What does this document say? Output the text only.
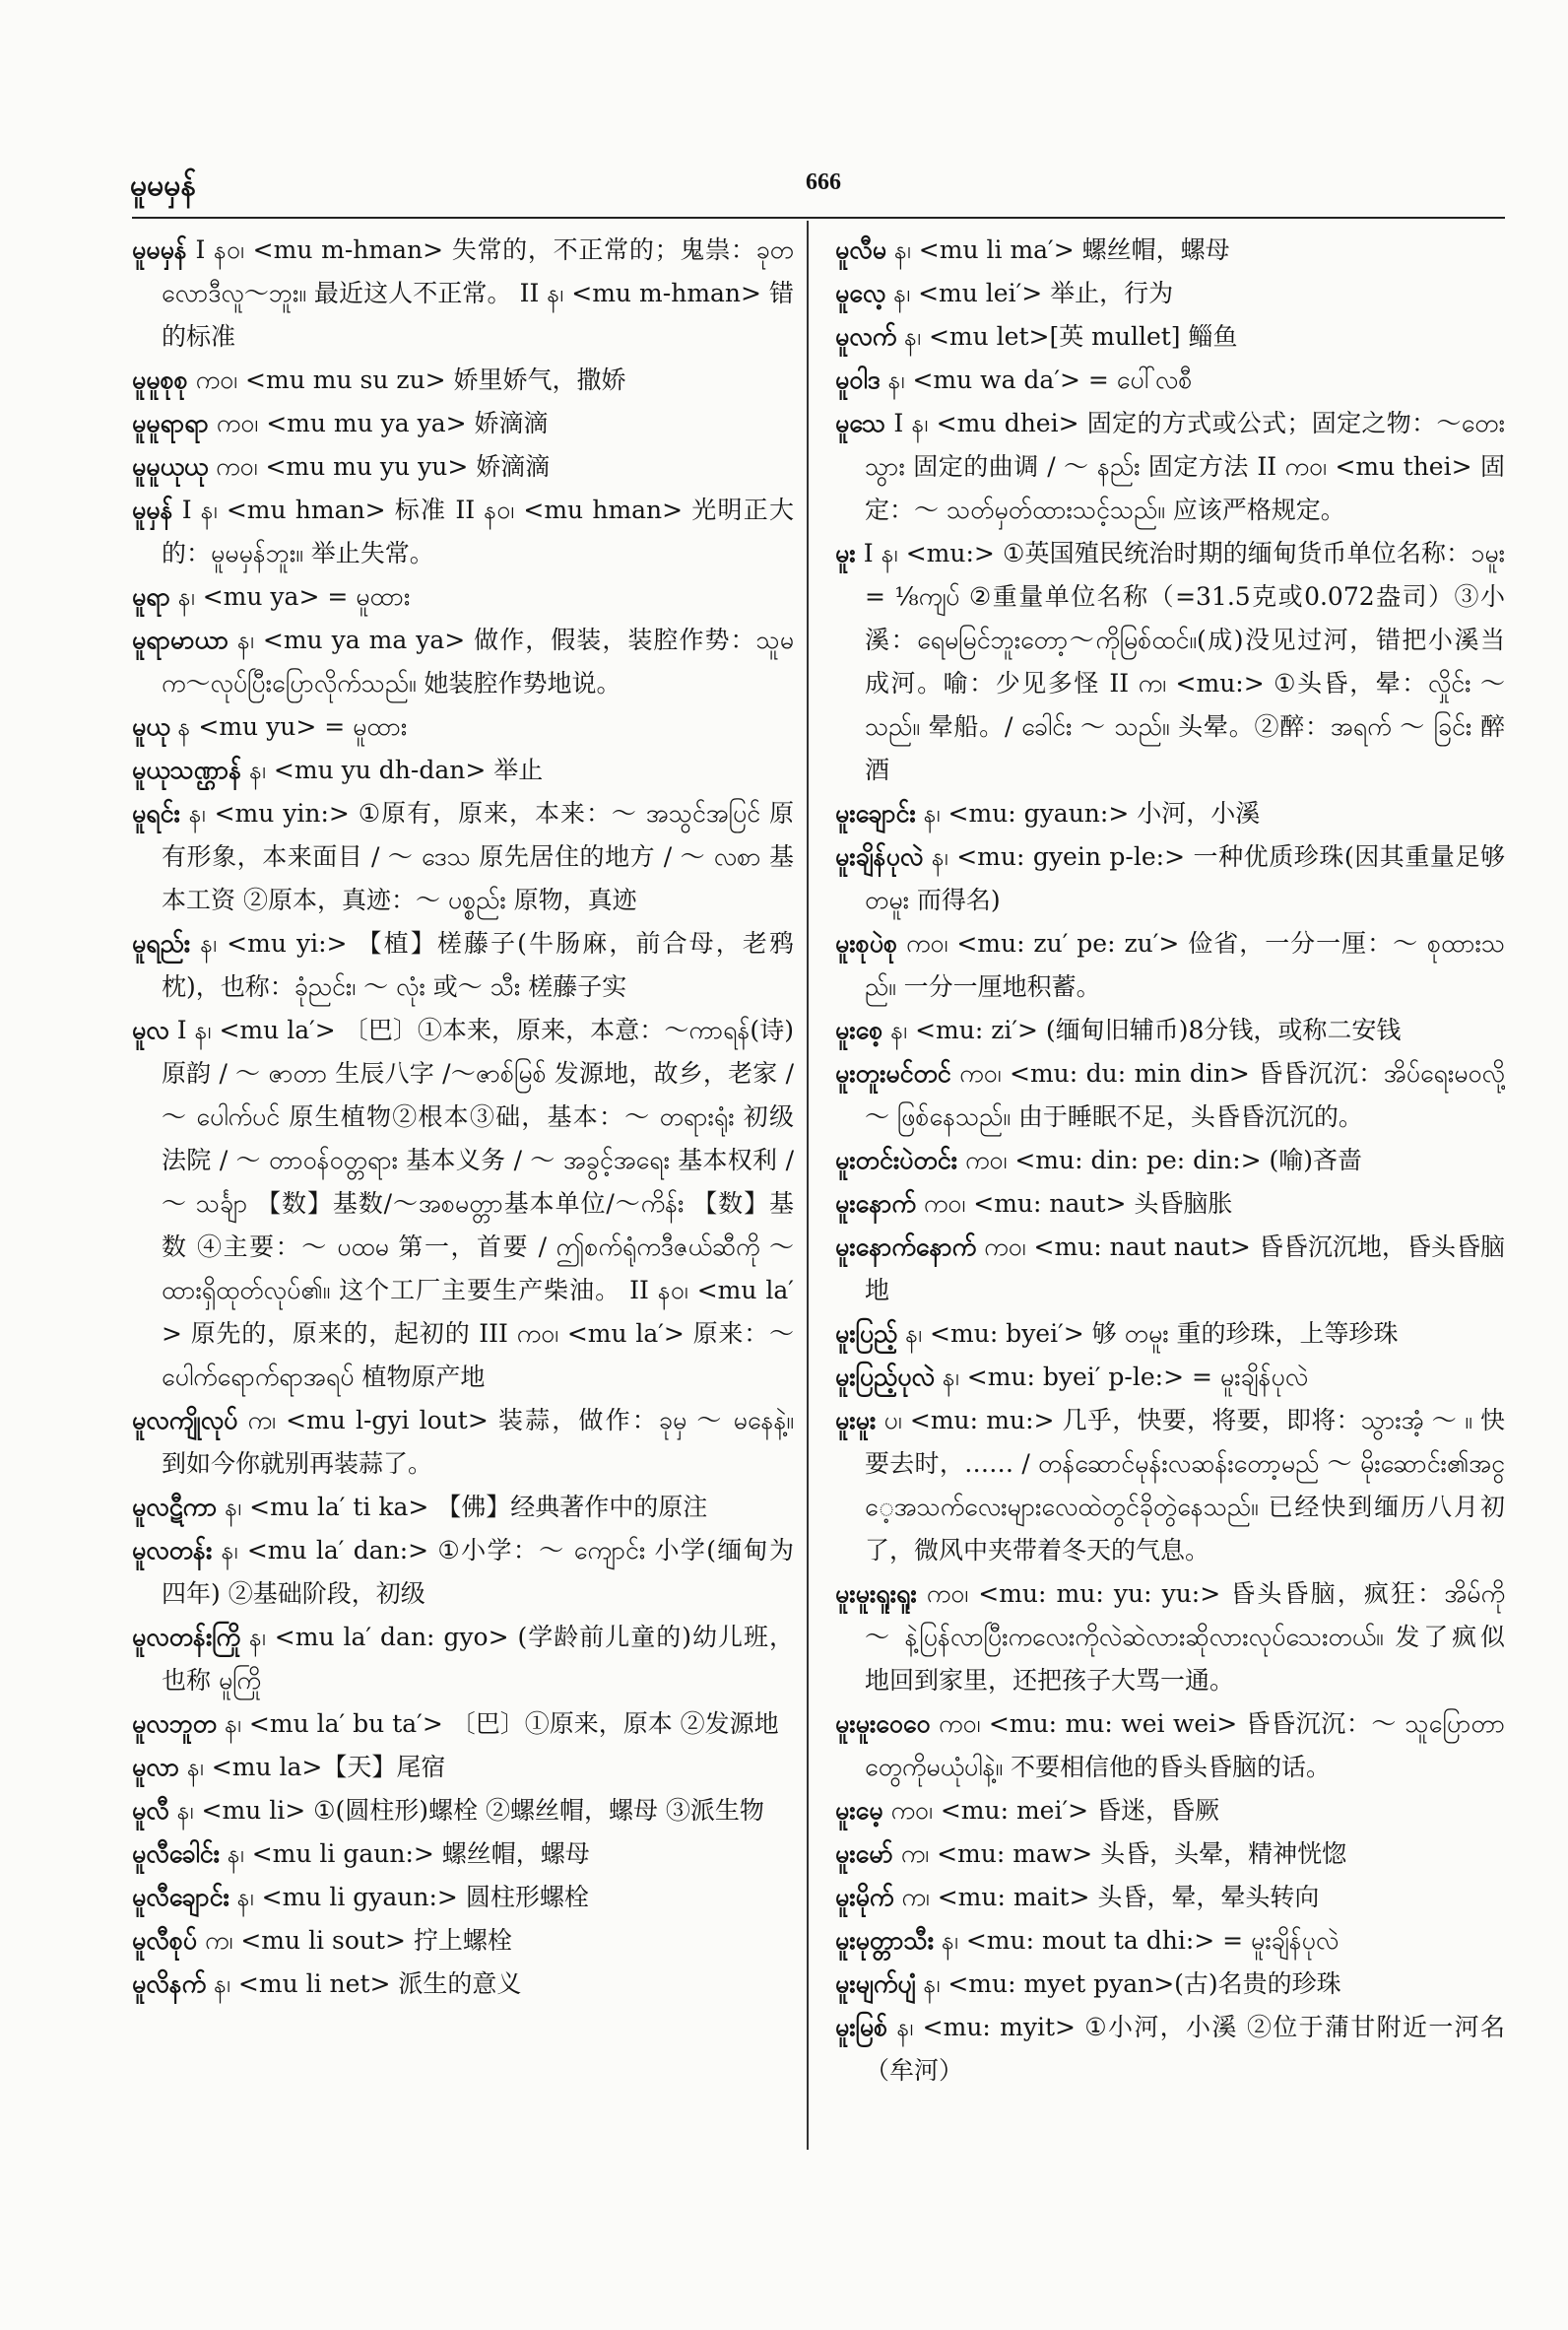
မူမမှန်	666

မူမမှန် I နဝ၊ <mu m-hman> 失常的，不正常的；鬼祟：ခုတလောဒီလူ～ဘူး။ 最近这人不正常。 II န၊ <mu m-hman> 错的标准

မူမူစုစု ကဝ၊ <mu mu su zu> 娇里娇气，撒娇

မူမူရာရာ ကဝ၊ <mu mu ya ya> 娇滴滴

မူမူယုယု ကဝ၊ <mu mu yu yu> 娇滴滴

မူမှန် I န၊ <mu hman> 标准 II နဝ၊ <mu hman> 光明正大的：မူမမှန်ဘူး။ 举止失常。

မူရာ န၊ <mu ya> = မူထား

မူရာမာယာ န၊ <mu ya ma ya> 做作，假装，装腔作势：သူမက～လုပ်ပြီးပြောလိုက်သည်။ 她装腔作势地说。

မူယု န <mu yu> = မူထား

မူယုသဏ္ဌာန် န၊ <mu yu dh-dan> 举止

မူရင်း န၊ <mu yin:> ①原有，原来，本来：～ အသွင်အပြင် 原有形象，本来面目 / ～ ဒေသ 原先居住的地方 / ～ လစာ 基本工资 ②原本，真迹：～ ပစ္စည်း 原物，真迹

မူရည်း န၊ <mu yi:> 【植】槎藤子(牛肠麻，前合母，老鸦枕)，也称：ခုံညင်း၊ ～ လုံး 或～ သီး 槎藤子实

မူလ I န၊ <mu la′> 〔巴〕①本来，原来，本意：～ကာရန်(诗)原韵 / ～ ဇာတာ 生辰八字 /～ဇာစ်မြစ် 发源地，故乡，老家 / ～ ပေါက်ပင် 原生植物②根本③础，基本：～ တရားရုံး 初级法院 / ～ တာဝန်ဝတ္တရား 基本义务 / ～ အခွင့်အရေး 基本权利 / ～ သင်္ချာ 【数】基数/～အစမတ္တာ基本单位/～ကိန်း 【数】基数 ④主要：～ ပထမ 第一，首要 / ဤစက်ရုံကဒီဇယ်ဆီကို ～ ထားရှိထုတ်လုပ်၏။ 这个工厂主要生产柴油。 II နဝ၊ <mu la′> 原先的，原来的，起初的 III ကဝ၊ <mu la′> 原来：～ ပေါက်ရောက်ရာအရပ် 植物原产地

မူလကျိုလုပ် က၊ <mu l-gyi lout> 装蒜，做作：ခုမှ ～ မနေနဲ့။ 到如今你就别再装蒜了。

မူလဋီကာ န၊ <mu la′ ti ka> 【佛】经典著作中的原注

မူလတန်း န၊ <mu la′ dan:> ①小学：～ ကျောင်း 小学(缅甸为四年) ②基础阶段，初级

မူလတန်းကြို န၊ <mu la′ dan: gyo> (学龄前儿童的)幼儿班，也称 မူကြို

မူလဘူတ န၊ <mu la′ bu ta′> 〔巴〕①原来，原本 ②发源地

မူလာ န၊ <mu la>【天】尾宿

မူလီ န၊ <mu li> ①(圆柱形)螺栓 ②螺丝帽，螺母 ③派生物

မူလီခေါင်း န၊ <mu li gaun:> 螺丝帽，螺母

မူလီချောင်း န၊ <mu li gyaun:> 圆柱形螺栓

မူလီစုပ် က၊ <mu li sout> 拧上螺栓

မူလိနက် န၊ <mu li net> 派生的意义

မူလီမ န၊ <mu li ma′> 螺丝帽，螺母

မူလေ့ န၊ <mu lei′> 举止，行为

မူလက် န၊ <mu let>[英 mullet] 鲻鱼

မူဝါဒ န၊ <mu wa da′> = ပေါ်လစီ

မူသေ I န၊ <mu dhei> 固定的方式或公式；固定之物：～တေးသွား 固定的曲调 / ～ နည်း 固定方法 II ကဝ၊ <mu thei> 固定：～ သတ်မှတ်ထားသင့်သည်။ 应该严格规定。

မူး I န၊ <mu:> ①英国殖民统治时期的缅甸货币单位名称：၁မူး = ⅛ကျပ် ②重量单位名称（=31.5克或0.072盎司）③小溪：ရေမမြင်ဘူးတော့～ကိုမြစ်ထင်။(成)没见过河，错把小溪当成河。喻：少见多怪 II က၊ <mu:> ①头昏，晕：လှိုင်း ～ သည်။ 晕船。/ ခေါင်း ～ သည်။ 头晕。②醉：အရက် ～ ခြင်း 醉酒

မူးချောင်း န၊ <mu: gyaun:> 小河，小溪

မူးချိန်ပုလဲ န၊ <mu: gyein p-le:> 一种优质珍珠(因其重量足够 တမူး 而得名)

မူးစုပဲစု ကဝ၊ <mu: zu′ pe: zu′> 俭省，一分一厘：～ စုထားသည်။ 一分一厘地积蓄。

မူးစေ့ န၊ <mu: zi′> (缅甸旧辅币)8分钱，或称二安钱

မူးတူးမင်တင် ကဝ၊ <mu: du: min din> 昏昏沉沉：အိပ်ရေးမဝလို့ ～ ဖြစ်နေသည်။ 由于睡眠不足，头昏昏沉沉的。

မူးတင်းပဲတင်း ကဝ၊ <mu: din: pe: din:> (喻)吝啬

မူးနောက် ကဝ၊ <mu: naut> 头昏脑胀

မူးနောက်နောက် ကဝ၊ <mu: naut naut> 昏昏沉沉地，昏头昏脑地

မူးပြည့် န၊ <mu: byei′> 够 တမူး 重的珍珠，上等珍珠

မူးပြည့်ပုလဲ န၊ <mu: byei′ p-le:> = မူးချိန်ပုလဲ

မူးမူး ပ၊ <mu: mu:> 几乎，快要，将要，即将：သွားအံ့ ～ ။ 快要去时，…… / တန်ဆောင်မုန်းလဆန်းတော့မည် ～ မိုးဆောင်း၏အငွေ့အသက်လေးများလေထဲတွင်ခိုတွဲနေသည်။ 已经快到缅历八月初了，微风中夹带着冬天的气息。

မူးမူးရူးရူး ကဝ၊ <mu: mu: yu: yu:> 昏头昏脑，疯狂：အိမ်ကို ～ နဲ့ပြန်လာပြီးကလေးကိုလဲဆဲလားဆိုလားလုပ်သေးတယ်။ 发了疯似地回到家里，还把孩子大骂一通。

မူးမူးဝေဝေ ကဝ၊ <mu: mu: wei wei> 昏昏沉沉：～ သူပြောတာတွေကိုမယုံပါနဲ့။ 不要相信他的昏头昏脑的话。

မူးမေ့ ကဝ၊ <mu: mei′> 昏迷，昏厥

မူးမော် က၊ <mu: maw> 头昏，头晕，精神恍惚

မူးမိုက် က၊ <mu: mait> 头昏，晕，晕头转向

မူးမုတ္တာသီး န၊ <mu: mout ta dhi:> = မူးချိန်ပုလဲ

မူးမျက်ပျံ န၊ <mu: myet pyan>(古)名贵的珍珠

မူးမြစ် န၊ <mu: myit> ①小河，小溪 ②位于蒲甘附近一河名（牟河）
